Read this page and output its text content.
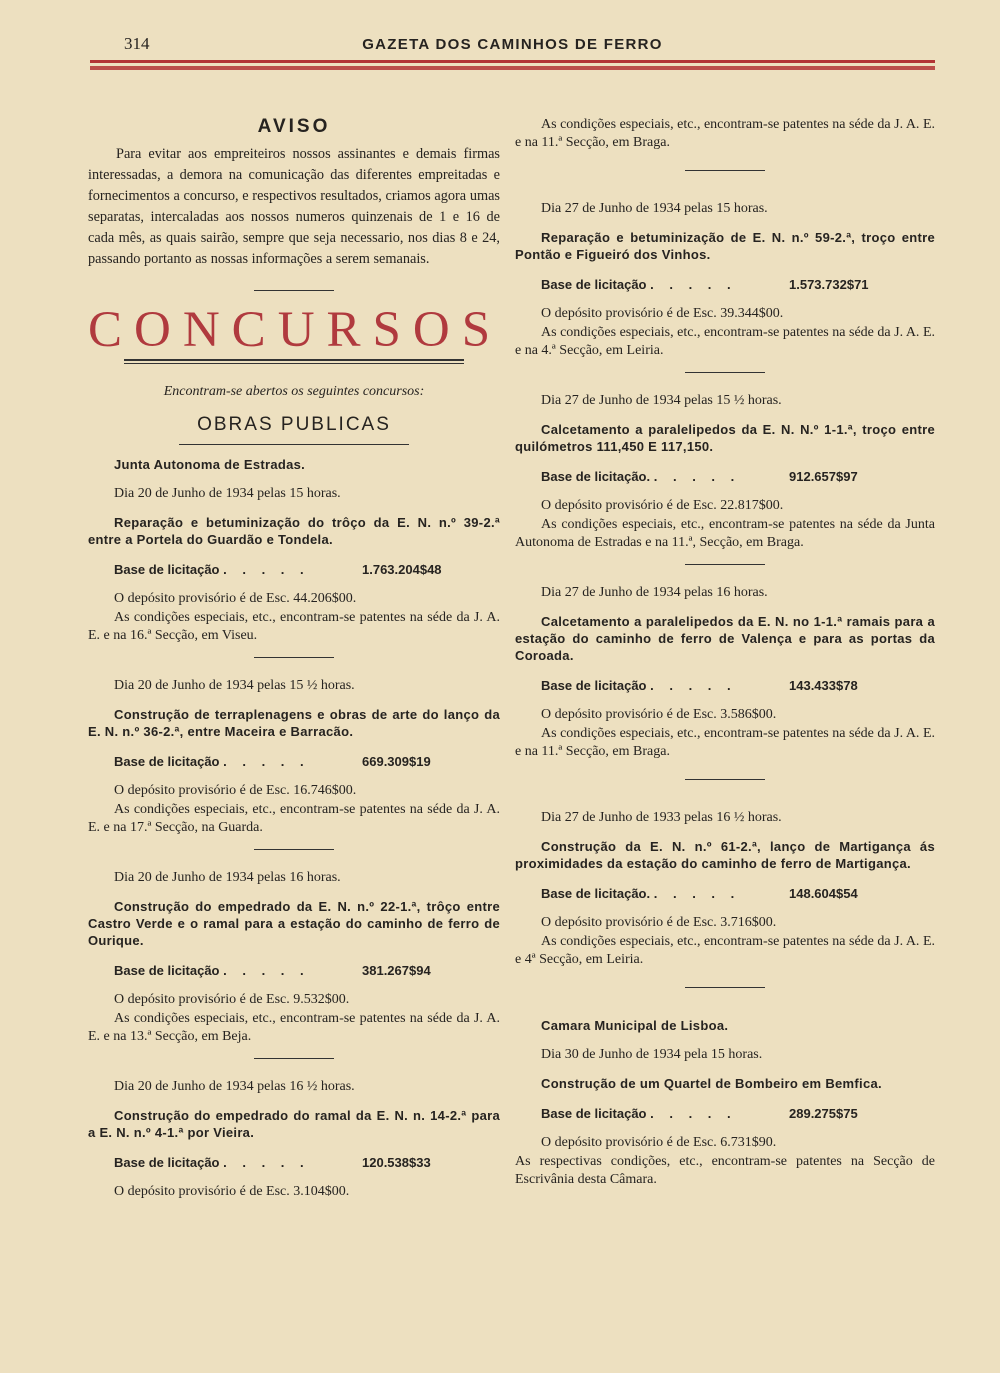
314	GAZETA DOS CAMINHOS DE FERRO
AVISO

Para evitar aos empreiteiros nossos assinantes e demais firmas interessadas, a demora na comunicação das diferentes empreitadas e fornecimentos a concurso, e respectivos resultados, criamos agora umas separatas, intercaladas aos nossos numeros quinzenais de 1 e 16 de cada mês, as quais sairão, sempre que seja necessario, nos dias 8 e 24, passando portanto as nossas informações a serem semanais.

CONCURSOS
Encontram-se abertos os seguintes concursos:
OBRAS PUBLICAS
Junta Autonoma de Estradas.
Dia 20 de Junho de 1934 pelas 15 horas.
Reparação e betuminização do trôço da E. N. n.º 39-2.ª entre a Portela do Guardão e Tondela.
Base de licitação . . . . .	1.763.204$48
O depósito provisório é de Esc. 44.206$00.
As condições especiais, etc., encontram-se patentes na séde da J. A. E. e na 16.ª Secção, em Viseu.
Dia 20 de Junho de 1934 pelas 15 ½ horas.
Construção de terraplenagens e obras de arte do lanço da E. N. n.º 36-2.ª, entre Maceira e Barracão.
Base de licitação . . . . .	669.309$19
O depósito provisório é de Esc. 16.746$00.
As condições especiais, etc., encontram-se patentes na séde da J. A. E. e na 17.ª Secção, na Guarda.
Dia 20 de Junho de 1934 pelas 16 horas.
Construção do empedrado da E. N. n.º 22-1.ª, trôço entre Castro Verde e o ramal para a estação do caminho de ferro de Ourique.
Base de licitação . . . . .	381.267$94
O depósito provisório é de Esc. 9.532$00.
As condições especiais, etc., encontram-se patentes na séde da J. A. E. e na 13.ª Secção, em Beja.
Dia 20 de Junho de 1934 pelas 16 ½ horas.
Construção do empedrado do ramal da E. N. n. 14-2.ª para a E. N. n.º 4-1.ª por Vieira.
Base de licitação . . . . .	120.538$33
O depósito provisório é de Esc. 3.104$00.
As condições especiais, etc., encontram-se patentes na séde da J. A. E. e na 11.ª Secção, em Braga.
Dia 27 de Junho de 1934 pelas 15 horas.
Reparação e betuminização de E. N. n.º 59-2.ª, troço entre Pontão e Figueiró dos Vinhos.
Base de licitação . . . . .	1.573.732$71
O depósito provisório é de Esc. 39.344$00.
As condições especiais, etc., encontram-se patentes na séde da J. A. E. e na 4.ª Secção, em Leiria.
Dia 27 de Junho de 1934 pelas 15 ½ horas.
Calcetamento a paralelipedos da E. N. N.º 1-1.ª, troço entre quilómetros 111,450 E 117,150.
Base de licitação. . . . . .	912.657$97
O depósito provisório é de Esc. 22.817$00.
As condições especiais, etc., encontram-se patentes na séde da Junta Autonoma de Estradas e na 11.ª, Secção, em Braga.
Dia 27 de Junho de 1934 pelas 16 horas.
Calcetamento a paralelipedos da E. N. no 1-1.ª ramais para a estação do caminho de ferro de Valença e para as portas da Coroada.
Base de licitação . . . . .	143.433$78
O depósito provisório é de Esc. 3.586$00.
As condições especiais, etc., encontram-se patentes na séde da J. A. E. e na 11.ª Secção, em Braga.
Dia 27 de Junho de 1933 pelas 16 ½ horas.
Construção da E. N. n.º 61-2.ª, lanço de Martigança ás proximidades da estação do caminho de ferro de Martigança.
Base de licitação. . . . . .	148.604$54
O depósito provisório é de Esc. 3.716$00.
As condições especiais, etc., encontram-se patentes na séde da J. A. E. e 4ª Secção, em Leiria.
Camara Municipal de Lisboa.
Dia 30 de Junho de 1934 pela 15 horas.
Construção de um Quartel de Bombeiro em Bemfica.
Base de licitação . . . . .	289.275$75
O depósito provisório é de Esc. 6.731$90.
As respectivas condições, etc., encontram-se patentes na Secção de Escrivânia desta Câmara.
